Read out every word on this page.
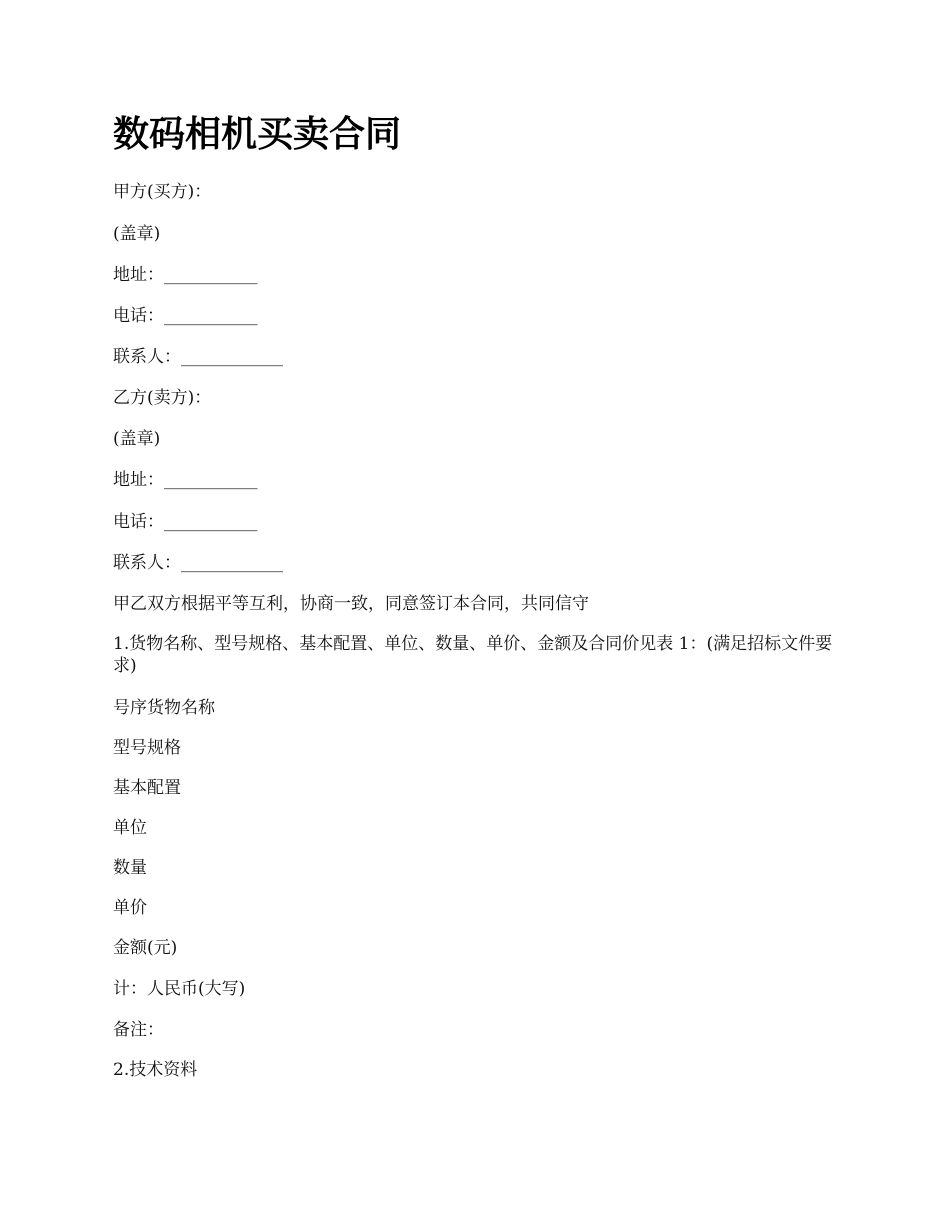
数码相机买卖合同

甲方(买方)：

(盖章)

地址：___________

电话：___________

联系人：____________

乙方(卖方)：

(盖章)

地址：___________

电话：___________

联系人：____________

甲乙双方根据平等互利，协商一致，同意签订本合同，共同信守

1.货物名称、型号规格、基本配置、单位、数量、单价、金额及合同价见表 1：(满足招标文件要求)

号序货物名称

型号规格

基本配置

单位

数量

单价

金额(元)

计：人民币(大写)

备注：

2.技术资料
